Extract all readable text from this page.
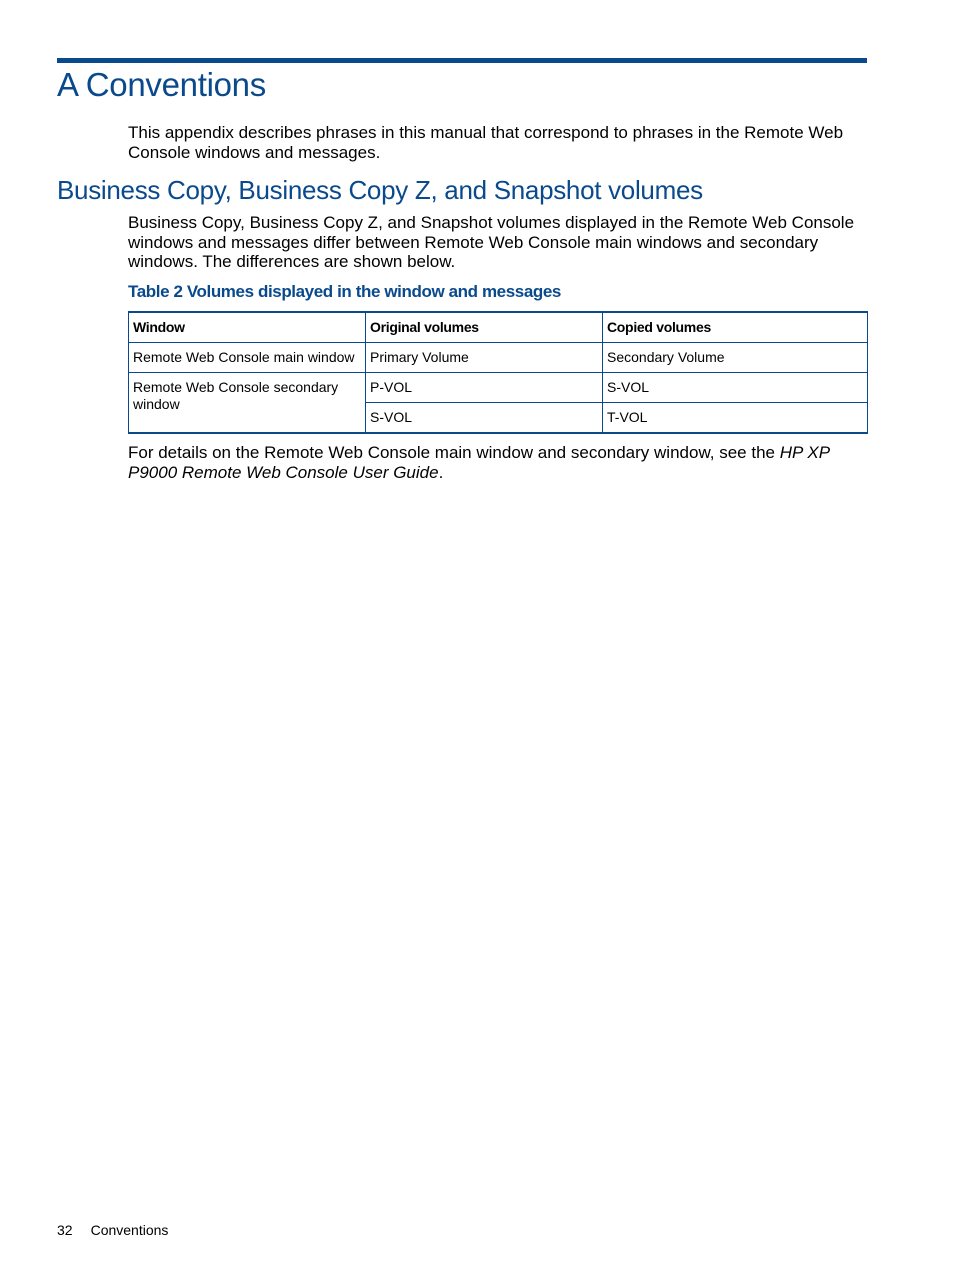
A Conventions

This appendix describes phrases in this manual that correspond to phrases in the Remote Web Console windows and messages.

Business Copy, Business Copy Z, and Snapshot volumes

Business Copy, Business Copy Z, and Snapshot volumes displayed in the Remote Web Console windows and messages differ between Remote Web Console main windows and secondary windows. The differences are shown below.

Table 2 Volumes displayed in the window and messages

Window	Original volumes	Copied volumes
Remote Web Console main window	Primary Volume	Secondary Volume
Remote Web Console secondary window	P-VOL	S-VOL
	S-VOL	T-VOL

For details on the Remote Web Console main window and secondary window, see the HP XP P9000 Remote Web Console User Guide.

32 Conventions
